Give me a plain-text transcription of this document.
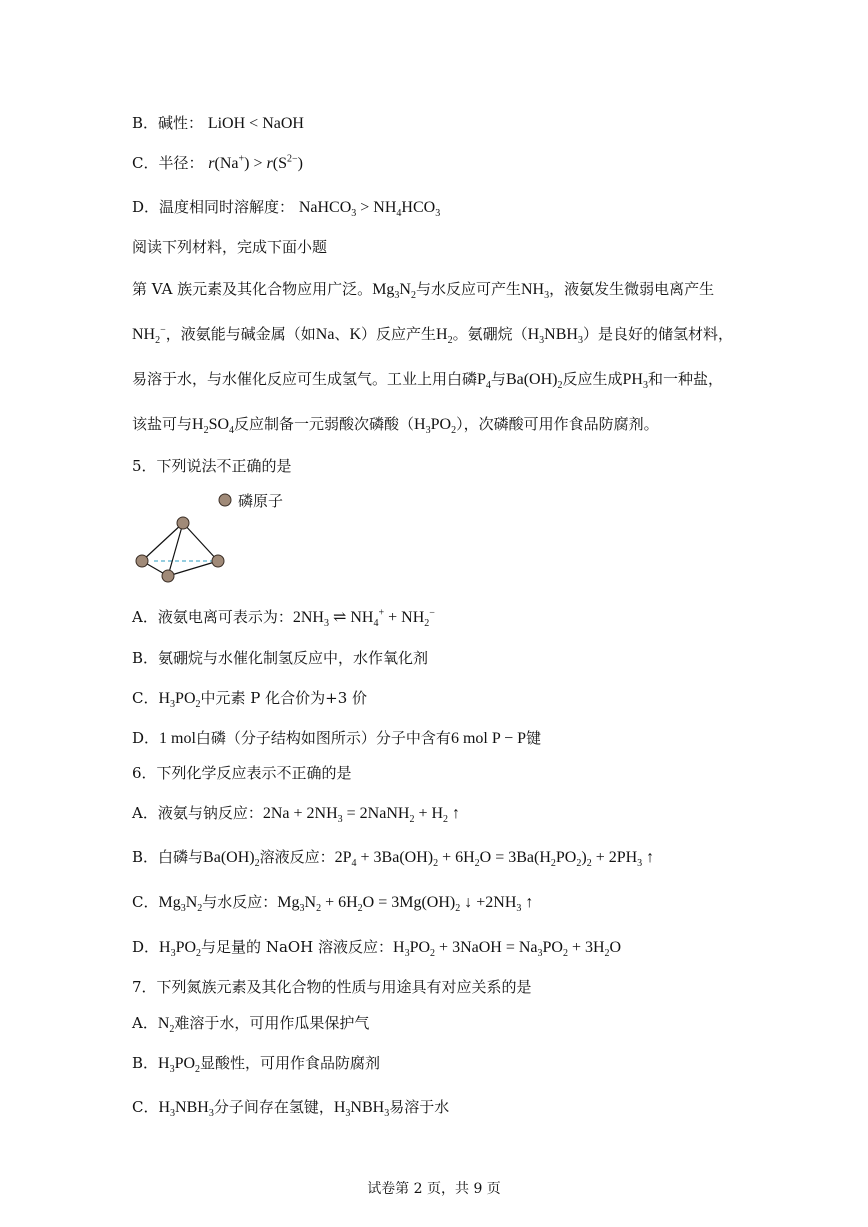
B．碱性： LiOH < NaOH
C．半径： $r(Na^+) > r(S^{2-})$
D．温度相同时溶解度： NaHCO$_3$ > $NH_4HCO_3$
阅读下列材料，完成下面小题
第 VA 族元素及其化合物应用广泛。$Mg_3N_2$与水反应可产生$NH_3$，液氨发生微弱电离产生
$NH_2^-$，液氨能与碱金属（如Na、K）反应产生$H_2$。氨硼烷$(H_3NBH_3)$是良好的储氢材料，
易溶于水，与水催化反应可生成氢气。工业上用白磷$P_4$与$Ba(OH)_2$反应生成$PH_3$和一种盐，
该盐可与$H_2SO_4$反应制备一元弱酸次磷酸$(H_3PO_2)$，次磷酸可用作食品防腐剂。
5．下列说法不正确的是
磷原子
A．液氨电离可表示为：$2NH_3$ ⇌ $NH_4^+ + NH_2^-$
B．氨硼烷与水催化制氢反应中，水作氧化剂
C．$H_3PO_2$中元素 P 化合价为+3 价
D．1 mol白磷（分子结构如图所示）分子中含有6 mol P − P键
6．下列化学反应表示不正确的是
A．液氨与钠反应：$2Na + 2NH_3$ = 2NaNH$_2$ + $H_2$ ↑
B．白磷与$Ba(OH)_2$溶液反应：$2P_4 + 3Ba(OH)_2 + 6H_2O = 3Ba(H_2PO_2)_2 + 2PH_3$ ↑
C．$Mg_3N_2$与水反应：$Mg_3N_2 + 6H_2O = 3Mg(OH)_2$ ↓ $+2NH_3$ ↑
D．$H_3PO_2$与足量的 NaOH 溶液反应：$H_3PO_2$ + 3NaOH = $Na_3PO_2 + 3H_2O$
7．下列氮族元素及其化合物的性质与用途具有对应关系的是
A．$N_2$难溶于水，可用作瓜果保护气
B．$H_3PO_2$显酸性，可用作食品防腐剂
C．$H_3NBH_3$分子间存在氢键，$H_3NBH_3$易溶于水
试卷第 2 页，共 9 页
